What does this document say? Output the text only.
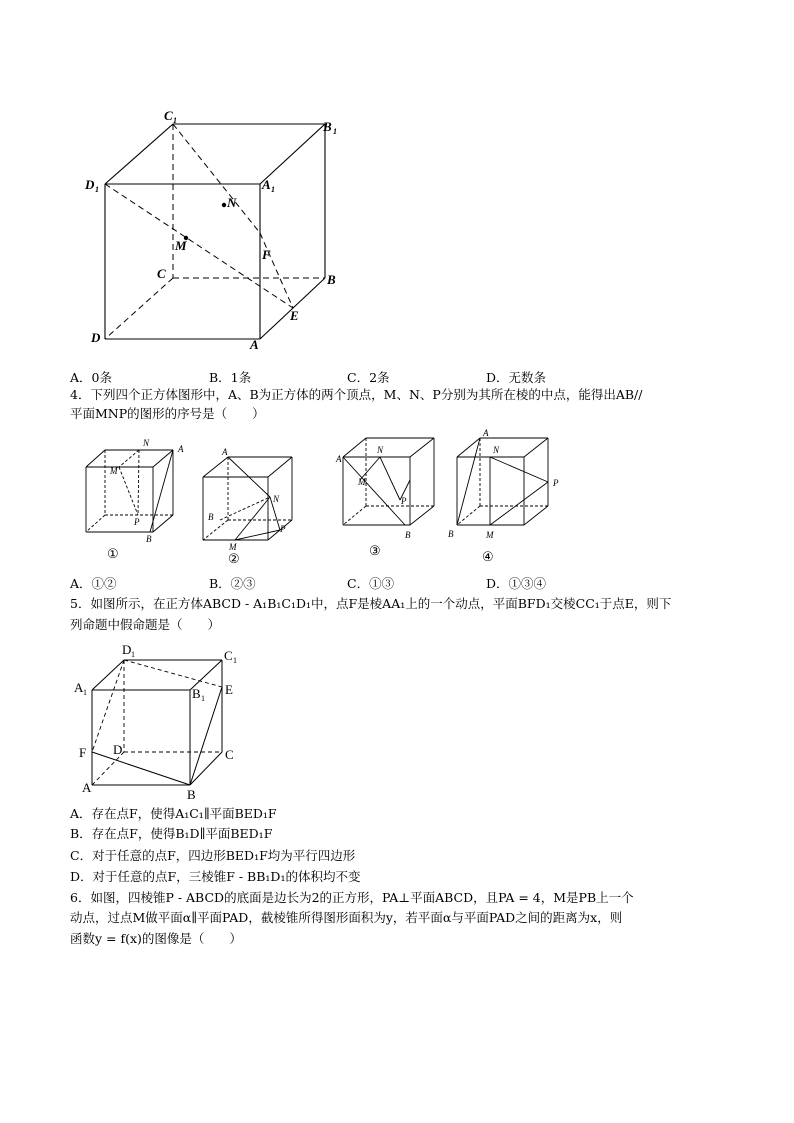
C 1	B 1
D 1	A 1
N
M
F
C	B
D
E
A
A．0条	B．1条	C．2条	D．无数条
4．下列四个正方体图形中，A、B为正方体的两个顶点，M、N、P分别为其所在棱的中点，能得出AB//
平面MNP的图形的序号是（　　）
N
A
M
P
B
A
N
B
P
M
A
N
P
M
B
A
N
P
B	M
①	②
③	④
A．①②	B．②③	C．①③	D．①③④
5．如图所示，在正方体ABCD - A₁B₁C₁D₁中，点F是棱AA₁上的一个动点，平面BFD₁交棱CC₁于点E，则下
列命题中假命题是（　　）
D 1	C 1
A 1	B 1
E
F D	C
A	B
A．存在点F，使得A₁C₁∥平面BED₁F
B．存在点F，使得B₁D∥平面BED₁F
C．对于任意的点F，四边形BED₁F均为平行四边形
D．对于任意的点F，三棱锥F - BB₁D₁的体积均不变
6．如图，四棱锥P - ABCD的底面是边长为2的正方形，PA⊥平面ABCD，且PA = 4，M是PB上一个
动点，过点M做平面α∥平面PAD，截棱锥所得图形面积为y，若平面α与平面PAD之间的距离为x，则
函数y = f(x)的图像是（　　）
